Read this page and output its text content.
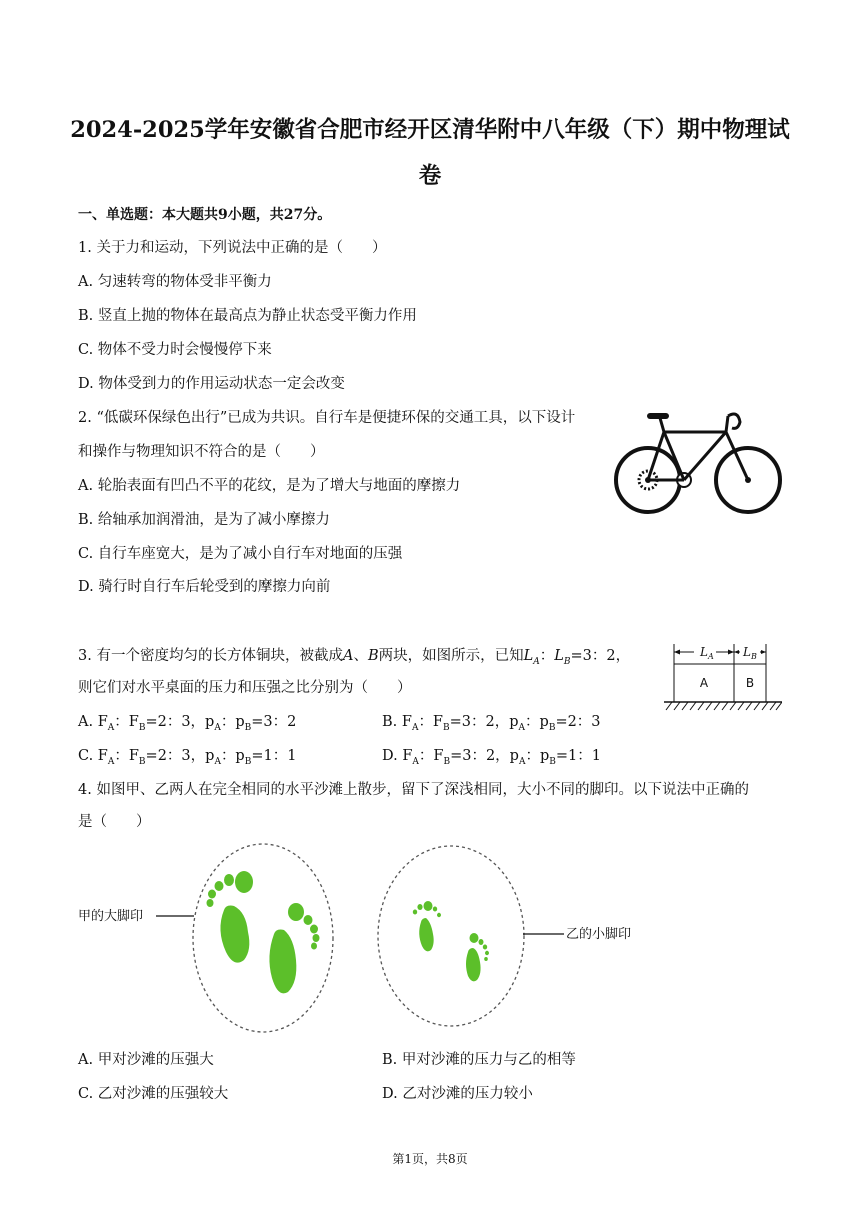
2024-2025学年安徽省合肥市经开区清华附中八年级（下）期中物理试
卷
一、单选题：本大题共9小题，共27分。
1. 关于力和运动，下列说法中正确的是（　　）
A. 匀速转弯的物体受非平衡力
B. 竖直上抛的物体在最高点为静止状态受平衡力作用
C. 物体不受力时会慢慢停下来
D. 物体受到力的作用运动状态一定会改变
2. “低碳环保绿色出行”已成为共识。自行车是便捷环保的交通工具，以下设计
和操作与物理知识不符合的是（　　）
A. 轮胎表面有凹凸不平的花纹，是为了增大与地面的摩擦力
B. 给轴承加润滑油，是为了减小摩擦力
C. 自行车座宽大，是为了减小自行车对地面的压强
D. 骑行时自行车后轮受到的摩擦力向前
3. 有一个密度均匀的长方体铜块，被截成A、B两块，如图所示，已知$L_A$：$L_B=3$：2，
则它们对水平桌面的压力和压强之比分别为（　　）
A. $F_A$：$F_B=2$：3，$p_A$：$p_B=3$：2	B. $F_A$：$F_B=3$：2，$p_A$：$p_B=2$：3
C. $F_A$：$F_B=2$：3，$p_A$：$p_B=1$：1	D. $F_A$：$F_B=3$：2，$p_A$：$p_B=1$：1
$L_A$ $L_B$
A	B
4. 如图甲、乙两人在完全相同的水平沙滩上散步，留下了深浅相同，大小不同的脚印。以下说法中正确的
是（　　）
甲的大脚印
乙的小脚印
A. 甲对沙滩的压强大	B. 甲对沙滩的压力与乙的相等
C. 乙对沙滩的压强较大	D. 乙对沙滩的压力较小
第1页，共8页
